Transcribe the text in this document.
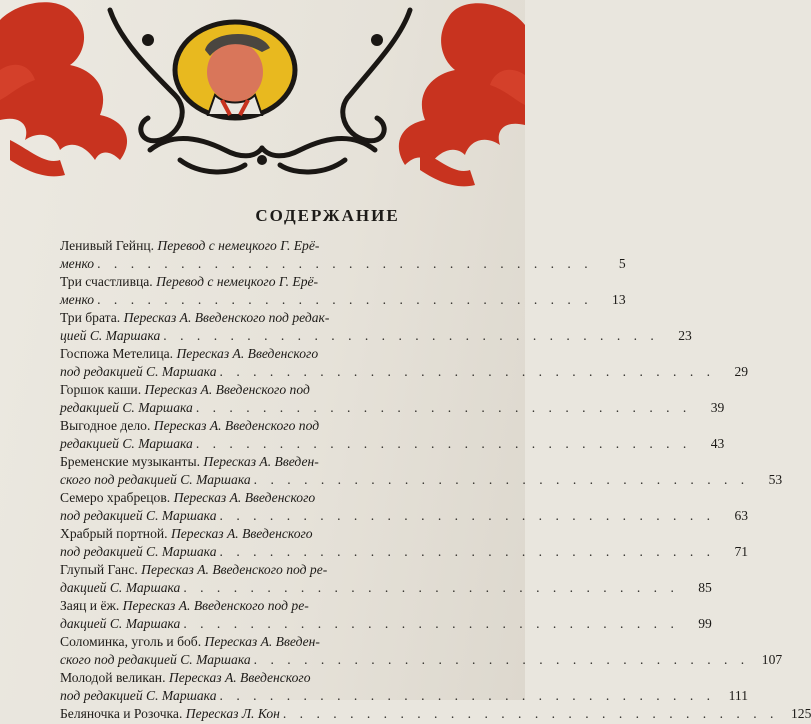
СОДЕРЖАНИЕ
Ленивый Гейнц. Перевод с немецкого Г. Ерё-
менко . . . . . . . . . . . . . . . . . . . . . . . . . . . . . .	5
Три счастливца. Перевод с немецкого Г. Ерё-
менко . . . . . . . . . . . . . . . . . . . . . . . . . . . . . .	13
Три брата. Пересказ А. Введенского под редак-
цией С. Маршака . . . . . . . . . . . . . . . . . . . . . . . . . . . . . .	23
Госпожа Метелица. Пересказ А. Введенского
под редакцией С. Маршака . . . . . . . . . . . . . . . . . . . . . . . . . . . . . .	29
Горшок каши. Пересказ А. Введенского под
редакцией С. Маршака . . . . . . . . . . . . . . . . . . . . . . . . . . . . . .	39
Выгодное дело. Пересказ А. Введенского под
редакцией С. Маршака . . . . . . . . . . . . . . . . . . . . . . . . . . . . . .	43
Бременские музыканты. Пересказ А. Введен-
ского под редакцией С. Маршака . . . . . . . . . . . . . . . . . . . . . . . . . . . . . .	53
Семеро храбрецов. Пересказ А. Введенского
под редакцией С. Маршака . . . . . . . . . . . . . . . . . . . . . . . . . . . . . .	63
Храбрый портной. Пересказ А. Введенского
под редакцией С. Маршака . . . . . . . . . . . . . . . . . . . . . . . . . . . . . .	71
Глупый Ганс. Пересказ А. Введенского под ре-
дакцией С. Маршака . . . . . . . . . . . . . . . . . . . . . . . . . . . . . .	85
Заяц и ёж. Пересказ А. Введенского под ре-
дакцией С. Маршака . . . . . . . . . . . . . . . . . . . . . . . . . . . . . .	99
Соломинка, уголь и боб. Пересказ А. Введен-
ского под редакцией С. Маршака . . . . . . . . . . . . . . . . . . . . . . . . . . . . . . 107
Молодой великан. Пересказ А. Введенского
под редакцией С. Маршака . . . . . . . . . . . . . . . . . . . . . . . . . . . . . .	111
Беляночка и Розочка. Пересказ Л. Кон . . . . . . . . . . . . . . . . . . . . . . . . . . . . . . 125
